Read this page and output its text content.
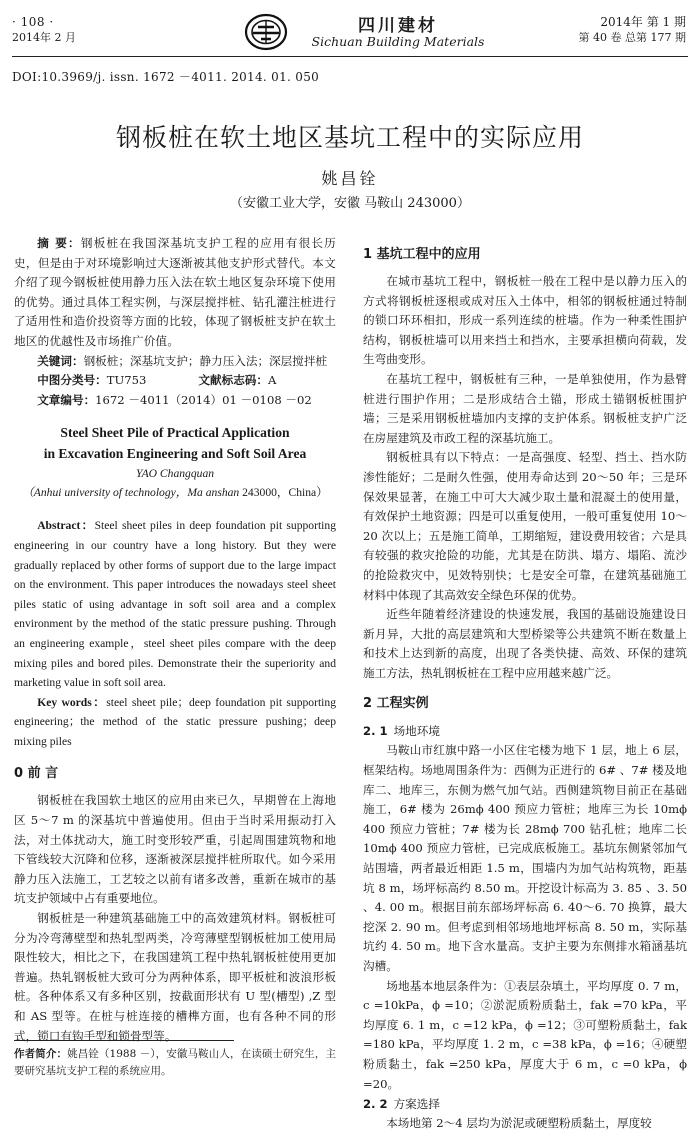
· 108 ·
2014年 2 月
四川建材
Sichuan Building Materials
2014年 第 1 期
第 40 卷 总第 177 期
DOI:10.3969/j. issn. 1672 －4011. 2014. 01. 050
钢板桩在软土地区基坑工程中的实际应用
姚昌铨
（安徽工业大学，安徽 马鞍山 243000）

摘 要：钢板桩在我国深基坑支护工程的应用有很长历史，但是由于对环境影响过大逐渐被其他支护形式替代。本文介绍了现今钢板桩使用静力压入法在软土地区复杂环境下使用的优势。通过具体工程实例，与深层搅拌桩、钻孔灌注桩进行了适用性和造价投资等方面的比较，体现了钢板桩支护在软土地区的优越性及市场推广价值。

关键词：钢板桩；深基坑支护；静力压入法；深层搅拌桩

中图分类号：TU753	文献标志码：A

文章编号：1672 －4011（2014）01 －0108 －02

Steel Sheet Pile of Practical Application
in Excavation Engineering and Soft Soil Area
YAO Changquan
（Anhui university of technology，Ma anshan 243000，China）

Abstract：Steel sheet piles in deep foundation pit supporting engineering in our country have a long history. But they were gradually replaced by other forms of support due to the large impact on the environment. This paper introduces the nowadays steel sheet piles static of using advantage in soft soil area and a complex environment by the method of the static pressure pushing. Through an engineering example，steel sheet piles compare with the deep mixing piles and bored piles. Demonstrate their the superiority and marketing value in soft soil area.

Key words：steel sheet pile；deep foundation pit supporting engineering；the method of the static pressure pushing；deep mixing piles

0 前 言

钢板桩在我国软土地区的应用由来已久，早期曾在上海地区 5～7 m 的深基坑中普遍使用。但由于当时采用振动打入法，对土体扰动大，施工时变形较严重，引起周围建筑物和地下管线较大沉降和位移，逐渐被深层搅拌桩所取代。如今采用静力压入法施工，工艺较之以前有诸多改善，重新在城市的基坑支护领域中占有重要地位。

钢板桩是一种建筑基础施工中的高效建筑材料。钢板桩可分为冷弯薄壁型和热轧型两类，冷弯薄壁型钢板桩加工使用局限性较大，相比之下，在我国建筑工程中热轧钢板桩使用更加普遍。热轧钢板桩大致可分为两种体系，即平板桩和波浪形板桩。各种体系又有多种区别，按截面形状有 U 型(槽型) ,Z 型和 AS 型等。在桩与桩连接的槽榫方面，也有各种不同的形式，锁口有钩手型和锁骨型等。

1 基坑工程中的应用

在城市基坑工程中，钢板桩一般在工程中是以静力压入的方式将钢板桩逐根或成对压入土体中，相邻的钢板桩通过特制的锁口环环相扣，形成一系列连续的桩墙。作为一种柔性围护结构，钢板桩墙可以用来挡土和挡水，主要承担横向荷载，发生弯曲变形。

在基坑工程中，钢板桩有三种，一是单独使用，作为悬臂桩进行围护作用；二是形成结合土锚，形成土锚钢板桩围护墙；三是采用钢板桩墙加内支撑的支护体系。钢板桩支护广泛在房屋建筑及市政工程的深基坑施工。

钢板桩具有以下特点：一是高强度、轻型、挡土、挡水防渗性能好；二是耐久性强，使用寿命达到 20～50 年；三是环保效果显著，在施工中可大大减少取土量和混凝土的使用量，有效保护土地资源；四是可以重复使用，一般可重复使用 10～20 次以上；五是施工简单，工期缩短，建设费用较省；六是具有较强的救灾抢险的功能，尤其是在防洪、塌方、塌陷、流沙的抢险救灾中，见效特别快；七是安全可靠，在建筑基础施工材料中体现了其高效安全绿色环保的优势。

近些年随着经济建设的快速发展，我国的基础设施建设日新月异，大批的高层建筑和大型桥梁等公共建筑不断在数量上和技术上达到新的高度，出现了各类快捷、高效、环保的建筑施工方法，热轧钢板桩在工程中应用越来越广泛。

2 工程实例
2. 1 场地环境

马鞍山市红旗中路一小区住宅楼为地下 1 层，地上 6 层，框架结构。场地周围条件为：西侧为正进行的 6# 、7# 楼及地库二、地库三，东侧为燃气加气站。西侧建筑物目前正在基础施工，6# 楼为 26mϕ 400 预应力管桩；地库三为长 10mϕ 400 预应力管桩；7# 楼为长 28mϕ 700 钻孔桩；地库二长 10mϕ 400 预应力管桩，已完成底板施工。基坑东侧紧邻加气站围墙，两者最近相距 1.5 m，围墙内为加气站构筑物，距基坑 8 m，场坪标高约 8.50 m。开挖设计标高为 3. 85 、3. 50 、4. 00 m。根据目前东部场坪标高 6. 40～6. 70 换算，最大挖深 2. 90 m。但考虑到相邻场地地坪标高 8. 50 m，实际基坑约 4. 50 m。地下含水量高。支护主要为东侧排水箱涵基坑沟槽。

场地基本地层条件为：①表层杂填土，平均厚度 0. 7 m，c =10kPa，ϕ =10；②淤泥质粉质黏土，fak =70 kPa，平均厚度 6. 1 m，c =12 kPa，ϕ =12；③可塑粉质黏土，fak =180 kPa，平均厚度 1. 2 m，c =38 kPa，ϕ =16；④硬塑粉质黏土，fak =250 kPa，厚度大于 6 m，c =0 kPa，ϕ =20。

2. 2 方案选择

本场地第 2～4 层均为淤泥或硬塑粉质黏土，厚度较

作者简介：姚昌铨（1988 －），安徽马鞍山人，在读硕士研究生，主要研究基坑支护工程的系统应用。
